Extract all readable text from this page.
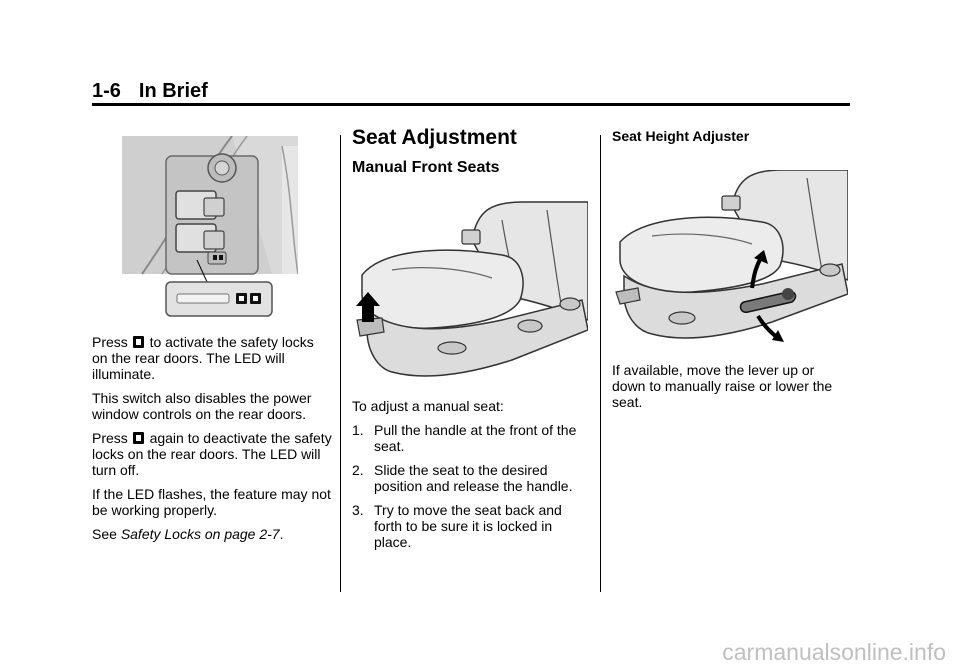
1-6 In Brief

Press to activate the safety locks on the rear doors. The LED will illuminate.

This switch also disables the power window controls on the rear doors.

Press again to deactivate the safety locks on the rear doors. The LED will turn off.

If the LED flashes, the feature may not be working properly.

See Safety Locks on page 2-7.

Seat Adjustment
Manual Front Seats

To adjust a manual seat:

1. Pull the handle at the front of the seat.
2. Slide the seat to the desired position and release the handle.
3. Try to move the seat back and forth to be sure it is locked in place.
Seat Height Adjuster
If available, move the lever up or down to manually raise or lower the seat.
carmanualsonline.info
